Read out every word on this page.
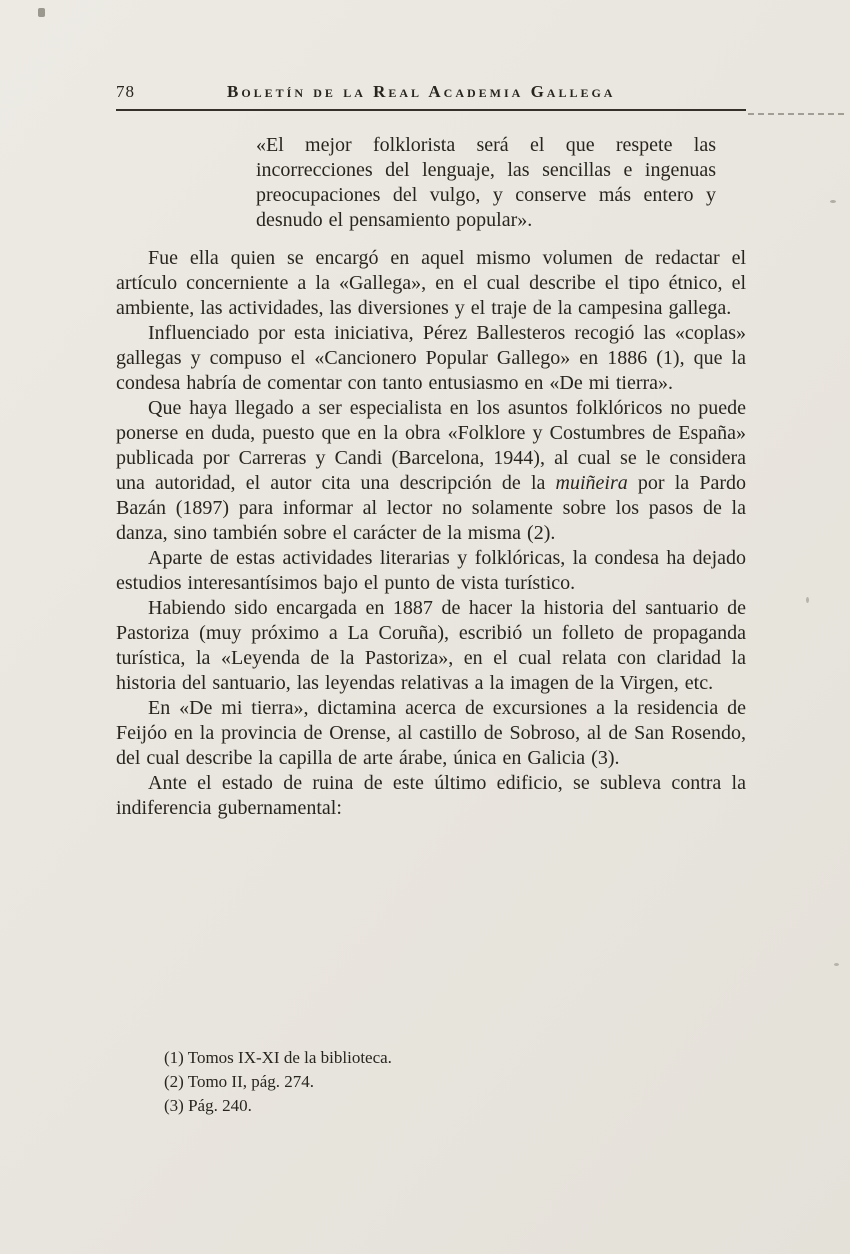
78	Boletín de la Real Academia Gallega
«El mejor folklorista será el que respete las incorrecciones del lenguaje, las sencillas e ingenuas preocupaciones del vulgo, y conserve más entero y desnudo el pensamiento popular».

Fue ella quien se encargó en aquel mismo volumen de redactar el artículo concerniente a la «Gallega», en el cual describe el tipo étnico, el ambiente, las actividades, las diversiones y el traje de la campesina gallega.

Influenciado por esta iniciativa, Pérez Ballesteros recogió las «coplas» gallegas y compuso el «Cancionero Popular Gallego» en 1886 (1), que la condesa habría de comentar con tanto entusiasmo en «De mi tierra».

Que haya llegado a ser especialista en los asuntos folklóricos no puede ponerse en duda, puesto que en la obra «Folklore y Costumbres de España» publicada por Carreras y Candi (Barcelona, 1944), al cual se le considera una autoridad, el autor cita una descripción de la muiñeira por la Pardo Bazán (1897) para informar al lector no solamente sobre los pasos de la danza, sino también sobre el carácter de la misma (2).

Aparte de estas actividades literarias y folklóricas, la condesa ha dejado estudios interesantísimos bajo el punto de vista turístico.

Habiendo sido encargada en 1887 de hacer la historia del santuario de Pastoriza (muy próximo a La Coruña), escribió un folleto de propaganda turística, la «Leyenda de la Pastoriza», en el cual relata con claridad la historia del santuario, las leyendas relativas a la imagen de la Virgen, etc.

En «De mi tierra», dictamina acerca de excursiones a la residencia de Feijóo en la provincia de Orense, al castillo de Sobroso, al de San Rosendo, del cual describe la capilla de arte árabe, única en Galicia (3).

Ante el estado de ruina de este último edificio, se subleva contra la indiferencia gubernamental:

(1) Tomos IX-XI de la biblioteca.
(2) Tomo II, pág. 274.
(3) Pág. 240.
